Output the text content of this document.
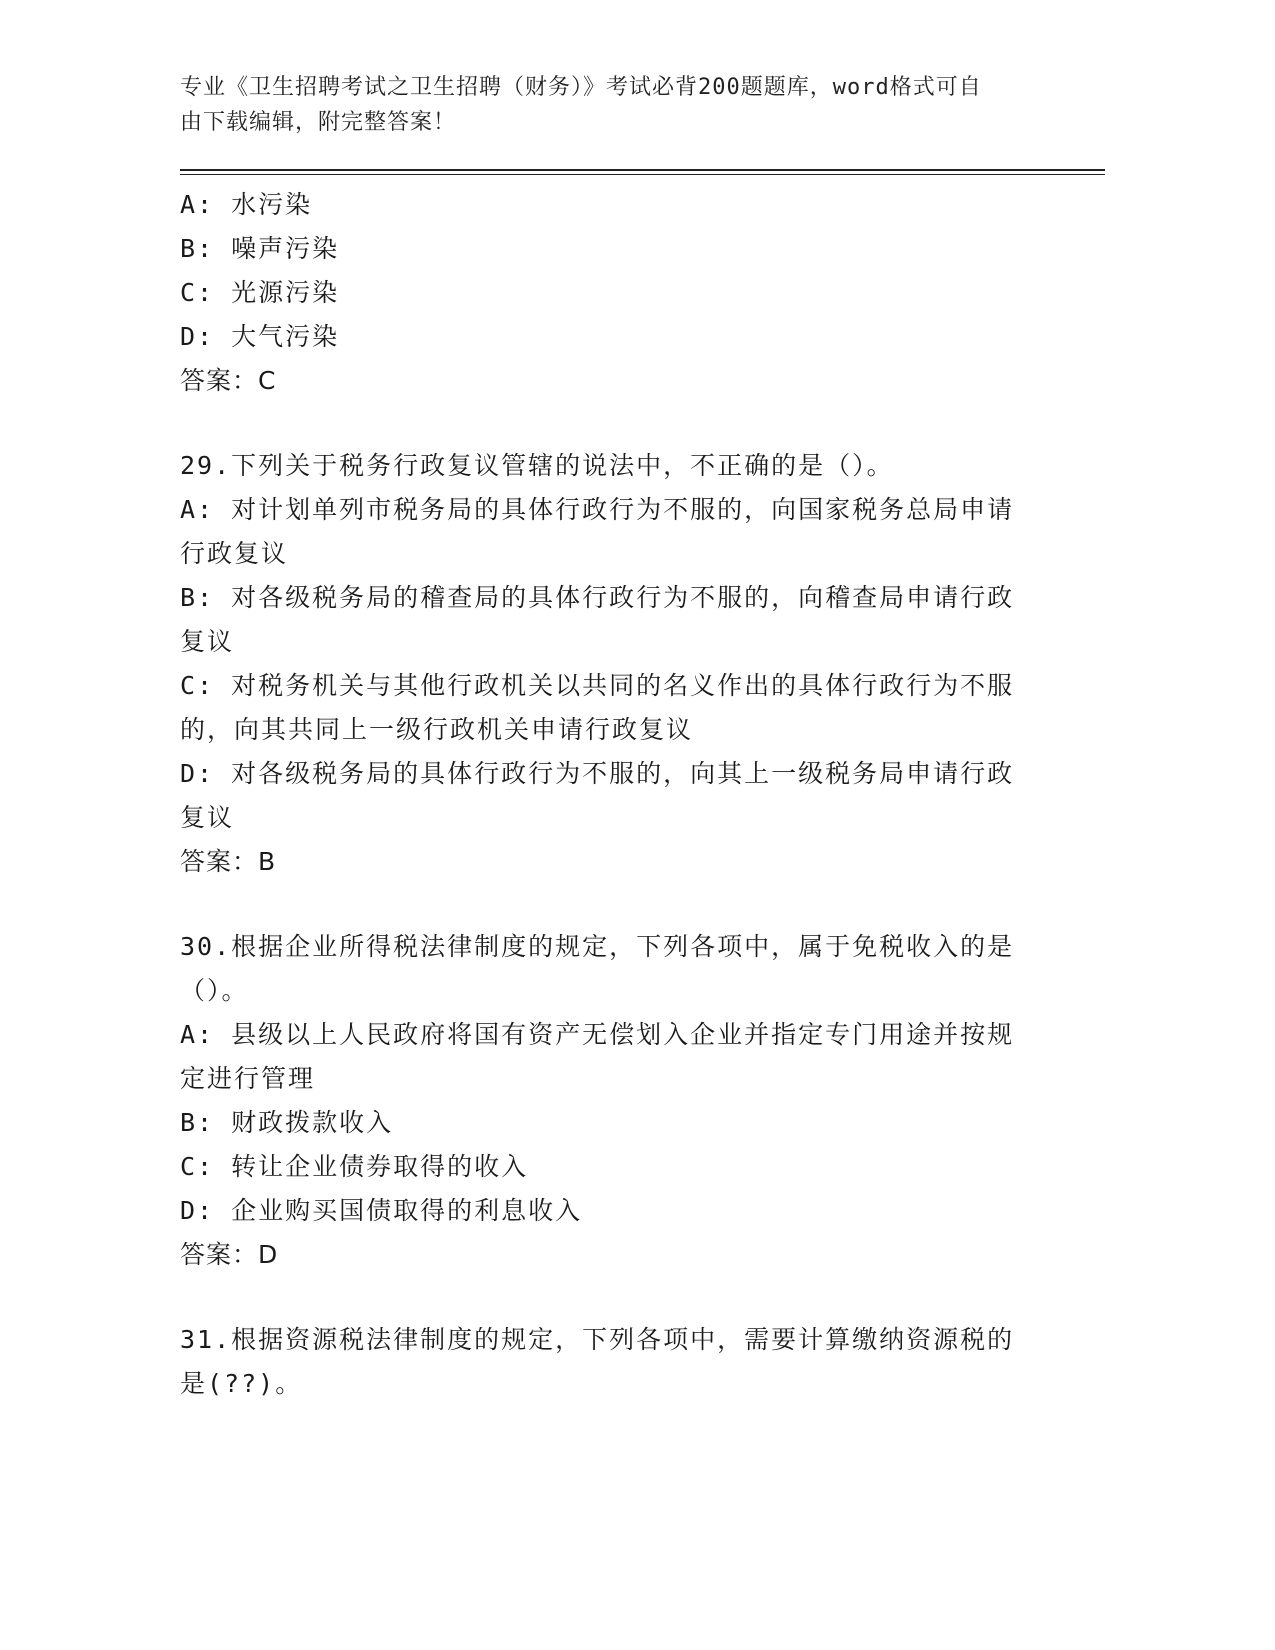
专业《卫生招聘考试之卫生招聘（财务）》考试必背200题题库，word格式可自
由下载编辑，附完整答案！

A: 水污染

B: 噪声污染

C: 光源污染

D: 大气污染

答案：C

29.下列关于税务行政复议管辖的说法中，不正确的是（）。

A: 对计划单列市税务局的具体行政行为不服的，向国家税务总局申请

行政复议

B: 对各级税务局的稽查局的具体行政行为不服的，向稽查局申请行政

复议

C: 对税务机关与其他行政机关以共同的名义作出的具体行政行为不服

的，向其共同上一级行政机关申请行政复议

D: 对各级税务局的具体行政行为不服的，向其上一级税务局申请行政

复议

答案：B

30.根据企业所得税法律制度的规定，下列各项中，属于免税收入的是

（）。

A: 县级以上人民政府将国有资产无偿划入企业并指定专门用途并按规

定进行管理

B: 财政拨款收入

C: 转让企业债券取得的收入

D: 企业购买国债取得的利息收入

答案：D

31.根据资源税法律制度的规定，下列各项中，需要计算缴纳资源税的

是(??)。
